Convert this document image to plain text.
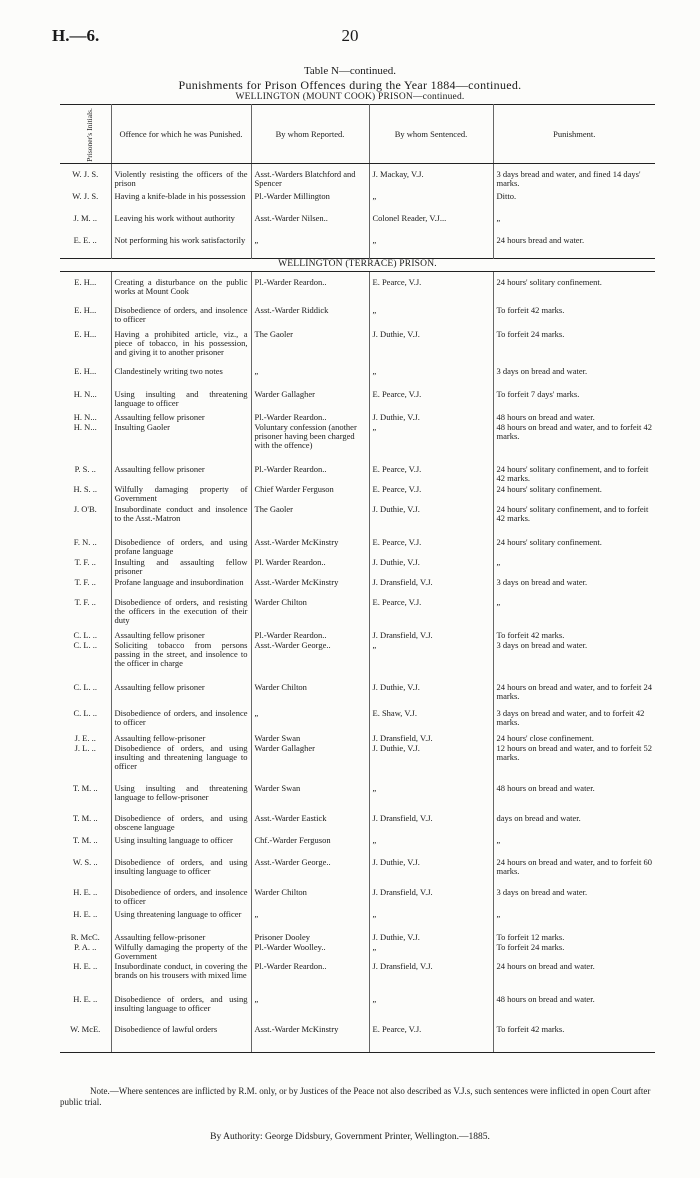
H.—6.	20
Table N—continued.
Punishments for Prison Offences during the Year 1884—continued.
WELLINGTON (MOUNT COOK) PRISON—continued.
Prisoner's Initials.	Offence for which he was Punished.	By whom Reported.	By whom Sentenced.	Punishment.

W. J. S.	Violently resisting the officers of the prison	Asst.-Warders Blatchford and Spencer	J. Mackay, V.J.	3 days bread and water, and fined 14 days' marks.
W. J. S.	Having a knife-blade in his possession	Pl.-Warder Millington	„	Ditto.
J. M. ..	Leaving his work without authority	Asst.-Warder Nilsen..	Colonel Reader, V.J...	„
E. E. ..	Not performing his work satisfactorily	„	„	24 hours bread and water.
WELLINGTON (TERRACE) PRISON.				

E. H...	Creating a disturbance on the public works at Mount Cook	Pl.-Warder Reardon..	E. Pearce, V.J.	24 hours' solitary confinement.
E. H...	Disobedience of orders, and insolence to officer	Asst.-Warder Riddick	„	To forfeit 42 marks.
E. H...	Having a prohibited article, viz., a piece of tobacco, in his possession, and giving it to another prisoner	The Gaoler	J. Duthie, V.J.	To forfeit 24 marks.
E. H...	Clandestinely writing two notes	„	„	3 days on bread and water.
H. N...	Using insulting and threatening language to officer	Warder Gallagher	E. Pearce, V.J.	To forfeit 7 days' marks.
H. N...	Assaulting fellow prisoner	Pl.-Warder Reardon..	J. Duthie, V.J.	48 hours on bread and water.
H. N...	Insulting Gaoler	Voluntary confession (another prisoner having been charged with the offence)	„	48 hours on bread and water, and to forfeit 42 marks.
P. S. ..	Assaulting fellow prisoner	Pl.-Warder Reardon..	E. Pearce, V.J.	24 hours' solitary confinement, and to forfeit 42 marks.
H. S. ..	Wilfully damaging property of Government	Chief Warder Ferguson	E. Pearce, V.J.	24 hours' solitary confinement.
J. O'B.	Insubordinate conduct and insolence to the Asst.-Matron	The Gaoler	J. Duthie, V.J.	24 hours' solitary confinement, and to forfeit 42 marks.
F. N. ..	Disobedience of orders, and using profane language	Asst.-Warder McKinstry	E. Pearce, V.J.	24 hours' solitary confinement.
T. F. ..	Insulting and assaulting fellow prisoner	Pl. Warder Reardon..	J. Duthie, V.J.	„
T. F. ..	Profane language and insubordination	Asst.-Warder McKinstry	J. Dransfield, V.J.	3 days on bread and water.
T. F. ..	Disobedience of orders, and resisting the officers in the execution of their duty	Warder Chilton	E. Pearce, V.J.	„
C. L. ..	Assaulting fellow prisoner	Pl.-Warder Reardon..	J. Dransfield, V.J.	To forfeit 42 marks.
C. L. ..	Soliciting tobacco from persons passing in the street, and insolence to the officer in charge	Asst.-Warder George..	„	3 days on bread and water.
C. L. ..	Assaulting fellow prisoner	Warder Chilton	J. Duthie, V.J.	24 hours on bread and water, and to forfeit 24 marks.
C. L. ..	Disobedience of orders, and insolence to officer	„	E. Shaw, V.J.	3 days on bread and water, and to forfeit 42 marks.
J. E. ..	Assaulting fellow-prisoner	Warder Swan	J. Dransfield, V.J.	24 hours' close confinement.
J. L. ..	Disobedience of orders, and using insulting and threatening language to officer	Warder Gallagher	J. Duthie, V.J.	12 hours on bread and water, and to forfeit 52 marks.
T. M. ..	Using insulting and threatening language to fellow-prisoner	Warder Swan	„	48 hours on bread and water.
T. M. ..	Disobedience of orders, and using obscene language	Asst.-Warder Eastick	J. Dransfield, V.J.	days on bread and water.
T. M. ..	Using insulting language to officer	Chf.-Warder Ferguson	„	„
W. S. ..	Disobedience of orders, and using insulting language to officer	Asst.-Warder George..	J. Duthie, V.J.	24 hours on bread and water, and to forfeit 60 marks.
H. E. ..	Disobedience of orders, and insolence to officer	Warder Chilton	J. Dransfield, V.J.	3 days on bread and water.
H. E. ..	Using threatening language to officer	„	„	„
R. McC.	Assaulting fellow-prisoner	Prisoner Dooley	J. Duthie, V.J.	To forfeit 12 marks.
P. A. ..	Wilfully damaging the property of the Government	Pl.-Warder Woolley..	„	To forfeit 24 marks.
H. E. ..	Insubordinate conduct, in covering the brands on his trousers with mixed lime	Pl.-Warder Reardon..	J. Dransfield, V.J.	24 hours on bread and water.
H. E. ..	Disobedience of orders, and using insulting language to officer	„	„	48 hours on bread and water.
W. McE.	Disobedience of lawful orders	Asst.-Warder McKinstry	E. Pearce, V.J.	To forfeit 42 marks.
Note.—Where sentences are inflicted by R.M. only, or by Justices of the Peace not also described as V.J.s, such sentences were inflicted in open Court after public trial.
By Authority: George Didsbury, Government Printer, Wellington.—1885.
